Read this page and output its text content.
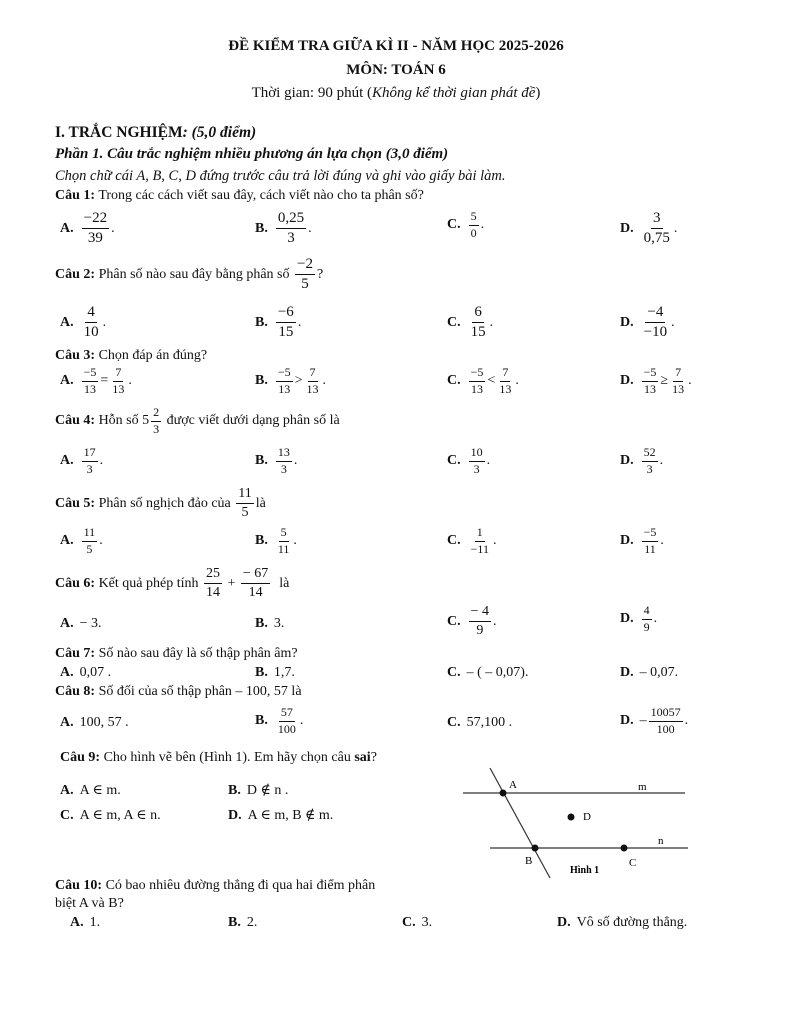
ĐỀ KIỂM TRA GIỮA KÌ II - NĂM HỌC 2025-2026
MÔN: TOÁN 6
Thời gian: 90 phút (Không kể thời gian phát đề)
I. TRẮC NGHIỆM: (5,0 điểm)
Phần 1. Câu trắc nghiệm nhiều phương án lựa chọn (3,0 điểm)
Chọn chữ cái A, B, C, D đứng trước câu trả lời đúng và ghi vào giấy bài làm.
Câu 1: Trong các cách viết sau đây, cách viết nào cho ta phân số?
A. $\frac{-22}{39}$ .	B. $\frac{0,25}{3}$ .	C. $\frac{5}{0}$ .	D. $\frac{3}{0,75}$ .
Câu 2:
Phân số nào sau đây bằng phân số
$\frac{-2}{5}$ ?
A. $\frac{4}{10}$ .	B. $\frac{-6}{15}$ .	C. $\frac{6}{15}$ .	D. $\frac{-4}{-10}$ .
Câu 3: Chọn đáp án đúng?
A. $\frac{-5}{13} = \frac{7}{13}$ .	B. $\frac{-5}{13} > \frac{7}{13}$ .	C. $\frac{-5}{13} < \frac{7}{13}$ .	D. $\frac{-5}{13} \ge \frac{7}{13}$ .
Câu 4:
Hỗn số
$5 \frac{2}{3}$
được viết dưới dạng phân số là
A. $\frac{17}{3}$ .	B. $\frac{13}{3}$ .	C. $\frac{10}{3}$ .	D. $\frac{52}{3}$ .
Câu 5:
Phân số nghịch đảo của
$\frac{11}{5}$ là
A. $\frac{11}{5}$ .	B. $\frac{5}{11}$ .	C. $\frac{1}{-11}$ .	D. $\frac{-5}{11}$ .
Câu 6:
Kết quả phép tính
$\frac{25}{14}$
+
$\frac{- 67}{14}$
là
A. − 3.	B. 3.	C. $\frac{- 4}{9}$ .	D. $\frac{4}{9}$ .
Câu 7: Số nào sau đây là số thập phân âm?
A. 0,07 .	B. 1,7.	C. – ( – 0,07).	D. – 0,07.
Câu 8: Số đối của số thập phân – 100, 57 là
A. 100, 57 .	B. $\frac{57}{100}$ .	C. 57,100 .	D. – $\frac{10057}{100}$ .
Câu 9: Cho hình vẽ bên (Hình 1). Em hãy chọn câu sai?
A. A ∈ m.	B. D ∉ n .
C. A ∈ m, A ∈ n.	D. A ∈ m, B ∉ m.
A
B	C
D
m
n
Hình 1
Câu 10: Có bao nhiêu đường thẳng đi qua hai điểm phân
biệt A và B?
A. 1.	B. 2.	C. 3.	D. Vô số đường thẳng.
